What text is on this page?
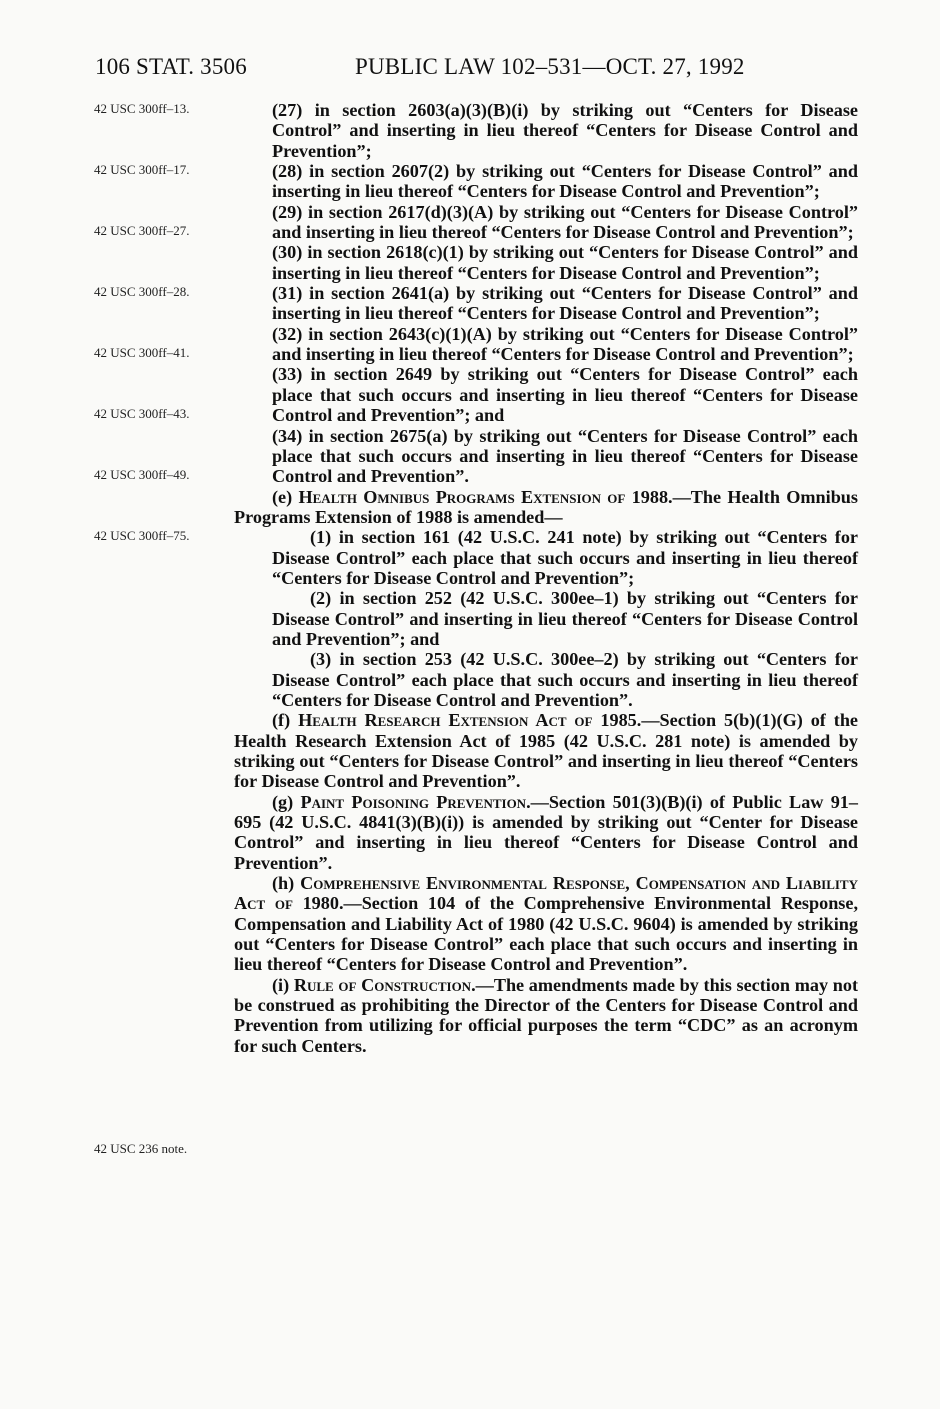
106 STAT. 3506	PUBLIC LAW 102–531—OCT. 27, 1992
42 USC 300ff–13.
42 USC 300ff–17.
42 USC 300ff–27.
42 USC 300ff–28.
42 USC 300ff–41.
42 USC 300ff–43.
42 USC 300ff–49.
42 USC 300ff–75.
42 USC 236 note.

(27) in section 2603(a)(3)(B)(i) by striking out “Centers for Disease Control” and inserting in lieu thereof “Centers for Disease Control and Prevention”;

(28) in section 2607(2) by striking out “Centers for Disease Control” and inserting in lieu thereof “Centers for Disease Control and Prevention”;

(29) in section 2617(d)(3)(A) by striking out “Centers for Disease Control” and inserting in lieu thereof “Centers for Disease Control and Prevention”;

(30) in section 2618(c)(1) by striking out “Centers for Disease Control” and inserting in lieu thereof “Centers for Disease Control and Prevention”;

(31) in section 2641(a) by striking out “Centers for Disease Control” and inserting in lieu thereof “Centers for Disease Control and Prevention”;

(32) in section 2643(c)(1)(A) by striking out “Centers for Disease Control” and inserting in lieu thereof “Centers for Disease Control and Prevention”;

(33) in section 2649 by striking out “Centers for Disease Control” each place that such occurs and inserting in lieu thereof “Centers for Disease Control and Prevention”; and

(34) in section 2675(a) by striking out “Centers for Disease Control” each place that such occurs and inserting in lieu thereof “Centers for Disease Control and Prevention”.

(e) Health Omnibus Programs Extension of 1988.—The Health Omnibus Programs Extension of 1988 is amended—

(1) in section 161 (42 U.S.C. 241 note) by striking out “Centers for Disease Control” each place that such occurs and inserting in lieu thereof “Centers for Disease Control and Prevention”;

(2) in section 252 (42 U.S.C. 300ee–1) by striking out “Centers for Disease Control” and inserting in lieu thereof “Centers for Disease Control and Prevention”; and

(3) in section 253 (42 U.S.C. 300ee–2) by striking out “Centers for Disease Control” each place that such occurs and inserting in lieu thereof “Centers for Disease Control and Prevention”.

(f) Health Research Extension Act of 1985.—Section 5(b)(1)(G) of the Health Research Extension Act of 1985 (42 U.S.C. 281 note) is amended by striking out “Centers for Disease Control” and inserting in lieu thereof “Centers for Disease Control and Prevention”.

(g) Paint Poisoning Prevention.—Section 501(3)(B)(i) of Public Law 91–695 (42 U.S.C. 4841(3)(B)(i)) is amended by striking out “Center for Disease Control” and inserting in lieu thereof “Centers for Disease Control and Prevention”.

(h) Comprehensive Environmental Response, Compensation and Liability Act of 1980.—Section 104 of the Comprehensive Environmental Response, Compensation and Liability Act of 1980 (42 U.S.C. 9604) is amended by striking out “Centers for Disease Control” each place that such occurs and inserting in lieu thereof “Centers for Disease Control and Prevention”.

(i) Rule of Construction.—The amendments made by this section may not be construed as prohibiting the Director of the Centers for Disease Control and Prevention from utilizing for official purposes the term “CDC” as an acronym for such Centers.
